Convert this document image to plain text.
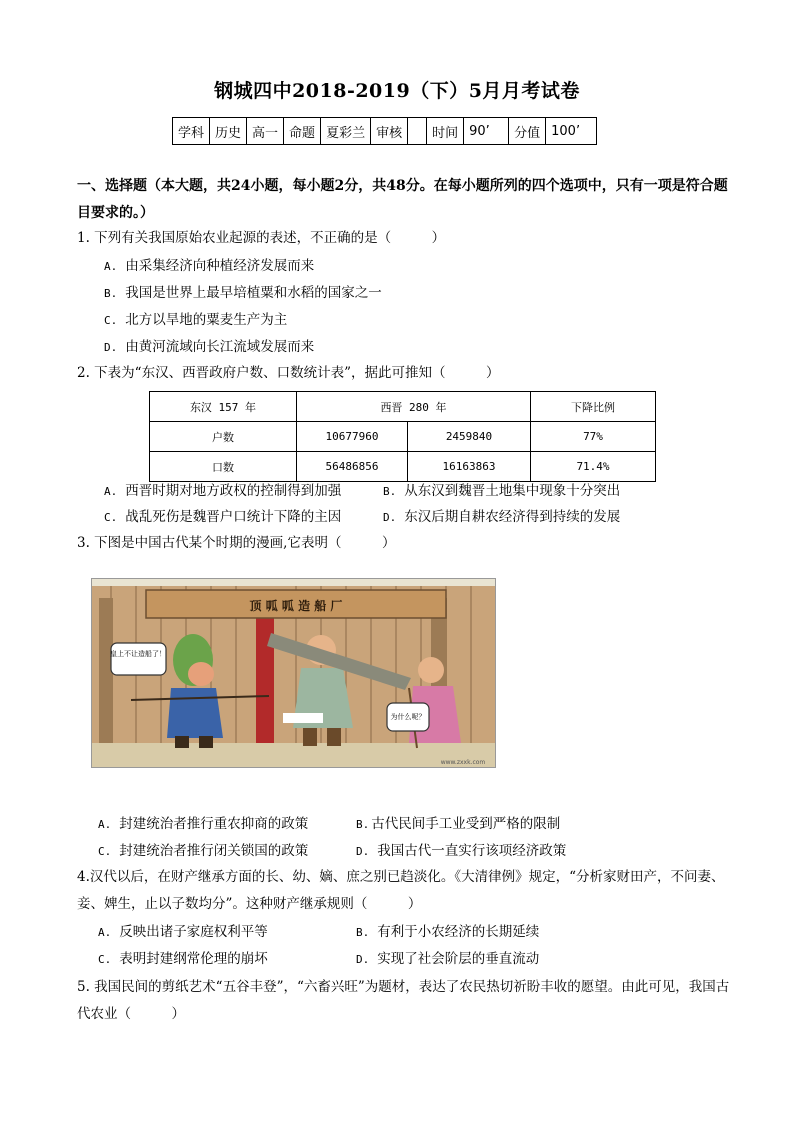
钢城四中2018-2019（下）5月月考试卷
学科	历史	高一	命题	夏彩兰	审核		时间	90’	分值	100’
一、选择题（本大题，共24小题，每小题2分，共48分。在每小题所列的四个选项中，只有一项是符合题目要求的。）
1. 下列有关我国原始农业起源的表述，不正确的是（　　　）
A. 由采集经济向种植经济发展而来
B. 我国是世界上最早培植粟和水稻的国家之一
C. 北方以旱地的粟麦生产为主
D. 由黄河流域向长江流域发展而来
2. 下表为“东汉、西晋政府户数、口数统计表”，据此可推知（　　　）
东汉 157 年	西晋 280 年		下降比例
户数	10677960	2459840	77%
口数	56486856	16163863	71.4%
A. 西晋时期对地方政权的控制得到加强	B. 从东汉到魏晋土地集中现象十分突出
C. 战乱死伤是魏晋户口统计下降的主因	D. 东汉后期自耕农经济得到持续的发展
3. 下图是中国古代某个时期的漫画,它表明（　　　）
顶 呱 呱 造 船 厂
皇上不让造船了！
为什么呢？
www.zxxk.com
A. 封建统治者推行重农抑商的政策	B. 古代民间手工业受到严格的限制
C. 封建统治者推行闭关锁国的政策	D. 我国古代一直实行该项经济政策
4.汉代以后，在财产继承方面的长、幼、嫡、庶之别已趋淡化。《大清律例》规定，“分析家财田产，不问妻、妾、婢生，止以子数均分”。这种财产继承规则（　　　）
A. 反映出诸子家庭权利平等	B. 有利于小农经济的长期延续
C. 表明封建纲常伦理的崩坏	D. 实现了社会阶层的垂直流动
5. 我国民间的剪纸艺术“五谷丰登”，“六畜兴旺”为题材，表达了农民热切祈盼丰收的愿望。由此可见，我国古代农业（　　　）
